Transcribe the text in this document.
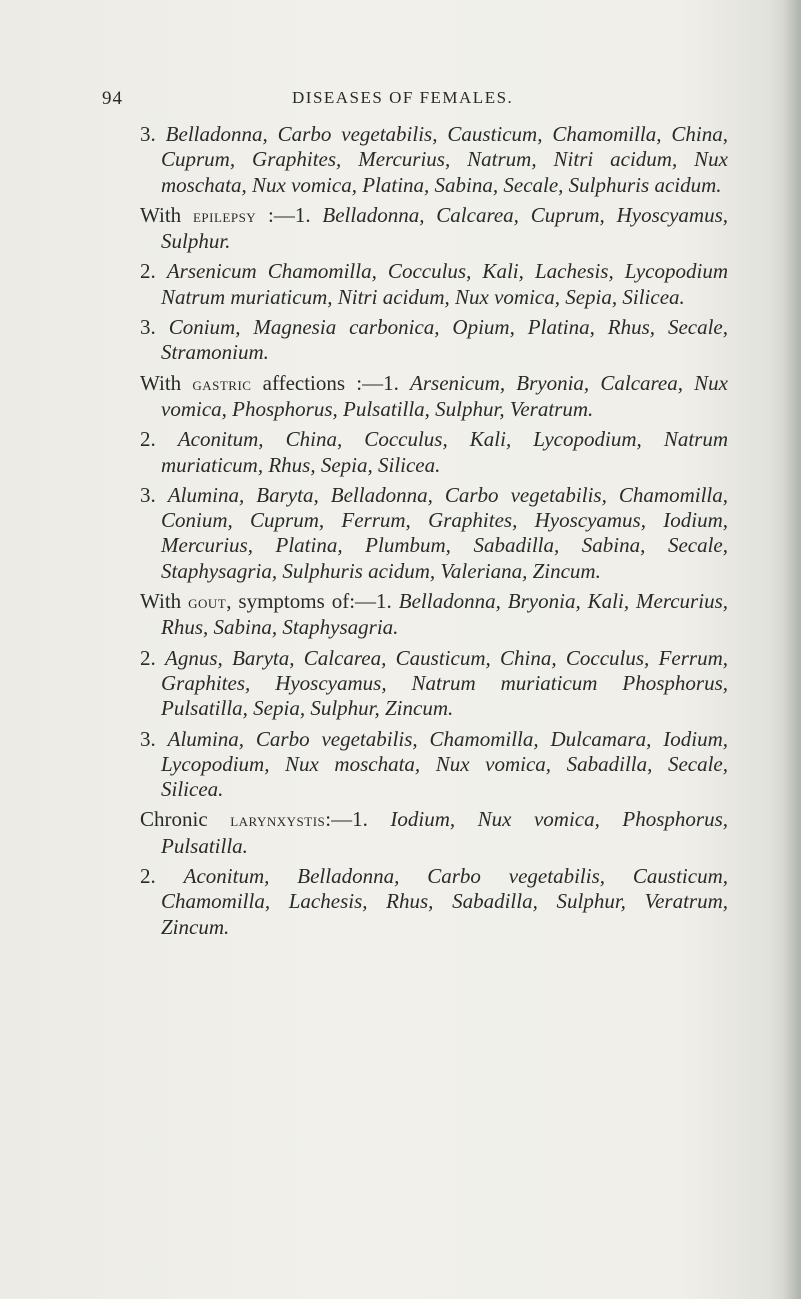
94	DISEASES OF FEMALES.

3. Belladonna, Carbo vegetabilis, Causticum, Chamomilla, China, Cuprum, Graphites, Mercurius, Natrum, Nitri acidum, Nux moschata, Nux vomica, Platina, Sabina, Secale, Sulphuris acidum.

With epilepsy :—1. Belladonna, Calcarea, Cuprum, Hyoscyamus, Sulphur.

2. Arsenicum Chamomilla, Cocculus, Kali, Lachesis, Lycopodium Natrum muriaticum, Nitri acidum, Nux vomica, Sepia, Silicea.

3. Conium, Magnesia carbonica, Opium, Platina, Rhus, Secale, Stramonium.

With gastric affections :—1. Arsenicum, Bryonia, Calcarea, Nux vomica, Phosphorus, Pulsatilla, Sulphur, Veratrum.

2. Aconitum, China, Cocculus, Kali, Lycopodium, Natrum muriaticum, Rhus, Sepia, Silicea.

3. Alumina, Baryta, Belladonna, Carbo vegetabilis, Chamomilla, Conium, Cuprum, Ferrum, Graphites, Hyoscyamus, Iodium, Mercurius, Platina, Plumbum, Sabadilla, Sabina, Secale, Staphysagria, Sulphuris acidum, Valeriana, Zincum.

With gout, symptoms of:—1. Belladonna, Bryonia, Kali, Mercurius, Rhus, Sabina, Staphysagria.

2. Agnus, Baryta, Calcarea, Causticum, China, Cocculus, Ferrum, Graphites, Hyoscyamus, Natrum muriaticum Phosphorus, Pulsatilla, Sepia, Sulphur, Zincum.

3. Alumina, Carbo vegetabilis, Chamomilla, Dulcamara, Iodium, Lycopodium, Nux moschata, Nux vomica, Sabadilla, Secale, Silicea.

Chronic larynxystis:—1. Iodium, Nux vomica, Phosphorus, Pulsatilla.

2. Aconitum, Belladonna, Carbo vegetabilis, Causticum, Chamomilla, Lachesis, Rhus, Sabadilla, Sulphur, Veratrum, Zincum.
